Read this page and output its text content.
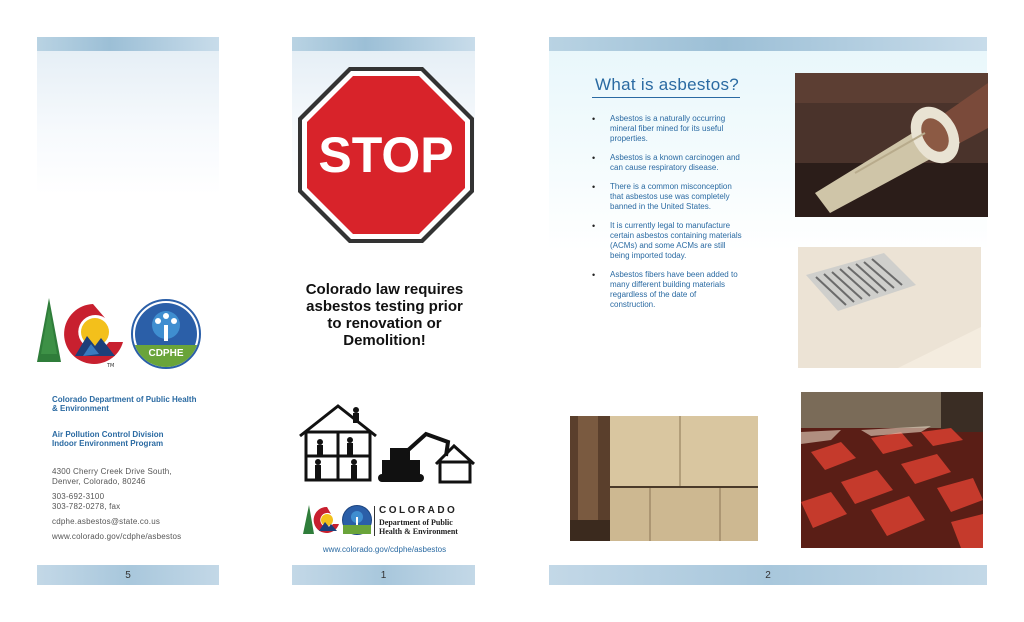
TM
CDPHE
Colorado Department of Public Health
& Environment
Air Pollution Control Division
Indoor Environment Program
4300 Cherry Creek Drive South,
Denver, Colorado, 80246
303-692-3100
303-782-0278, fax
cdphe.asbestos@state.co.us
www.colorado.gov/cdphe/asbestos
5
STOP
Colorado law requires
asbestos testing prior
to renovation or
Demolition!
COLORADO
Department of Public
Health & Environment
www.colorado.gov/cdphe/asbestos
1
What is asbestos?
• Asbestos is a naturally occurring mineral fiber mined for its useful properties.
• Asbestos is a known carcinogen and can cause respiratory disease.
• There is a common misconception that asbestos use was completely banned in the United States.
• It is currently legal to manufacture certain asbestos containing materials (ACMs) and some ACMs are still being imported today.
• Asbestos fibers have been added to many different building materials regardless of the date of construction.
2
